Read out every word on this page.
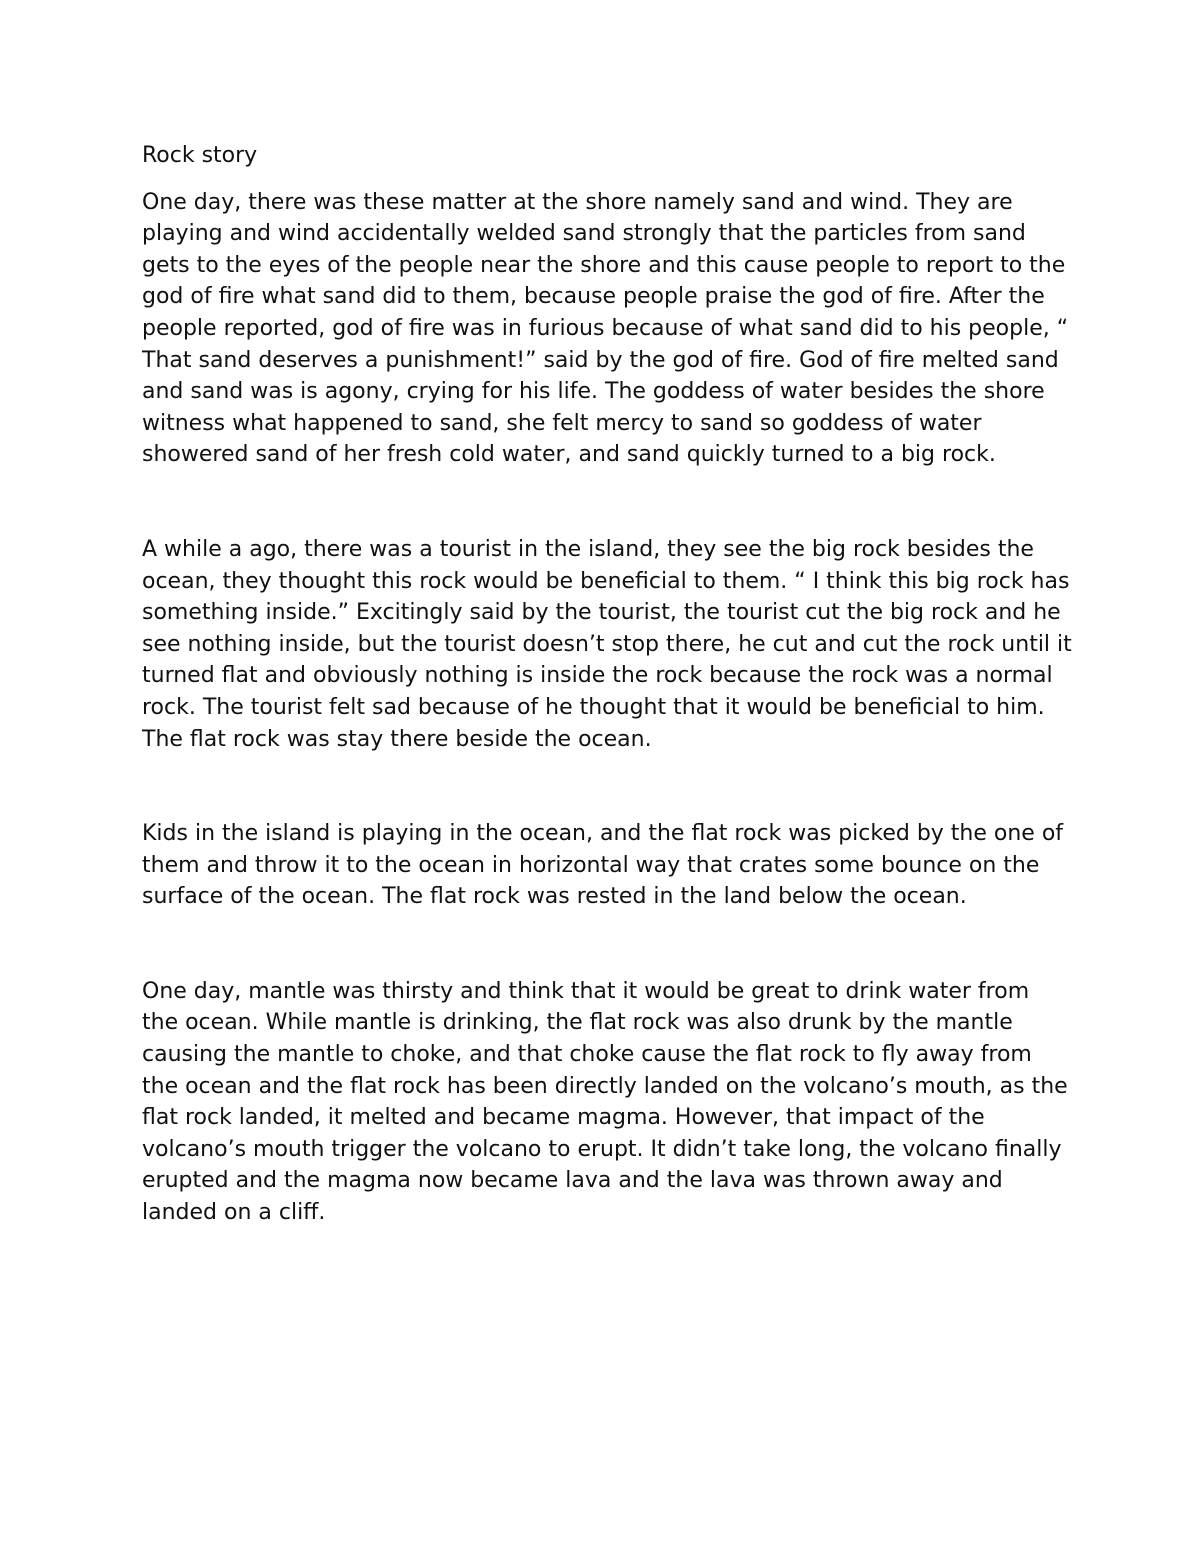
Rock story

One day, there was these matter at the shore namely sand and wind. They are playing and wind accidentally welded sand strongly that the particles from sand gets to the eyes of the people near the shore and this cause people to report to the god of fire what sand did to them, because people praise the god of fire. After the people reported, god of fire was in furious because of what sand did to his people, “ That sand deserves a punishment!” said by the god of fire. God of fire melted sand and sand was is agony, crying for his life. The goddess of water besides the shore witness what happened to sand, she felt mercy to sand so goddess of water showered sand of her fresh cold water, and sand quickly turned to a big rock.

A while a ago, there was a tourist in the island, they see the big rock besides the ocean, they thought this rock would be beneficial to them. “ I think this big rock has something inside.” Excitingly said by the tourist, the tourist cut the big rock and he see nothing inside, but the tourist doesn’t stop there, he cut and cut the rock until it turned flat and obviously nothing is inside the rock because the rock was a normal rock. The tourist felt sad because of he thought that it would be beneficial to him. The flat rock was stay there beside the ocean.

Kids in the island is playing in the ocean, and the flat rock was picked by the one of them and throw it to the ocean in horizontal way that crates some bounce on the surface of the ocean. The flat rock was rested in the land below the ocean.

One day, mantle was thirsty and think that it would be great to drink water from the ocean. While mantle is drinking, the flat rock was also drunk by the mantle causing the mantle to choke, and that choke cause the flat rock to fly away from the ocean and the flat rock has been directly landed on the volcano’s mouth, as the flat rock landed, it melted and became magma. However, that impact of the volcano’s mouth trigger the volcano to erupt. It didn’t take long, the volcano finally erupted and the magma now became lava and the lava was thrown away and landed on a cliff.
